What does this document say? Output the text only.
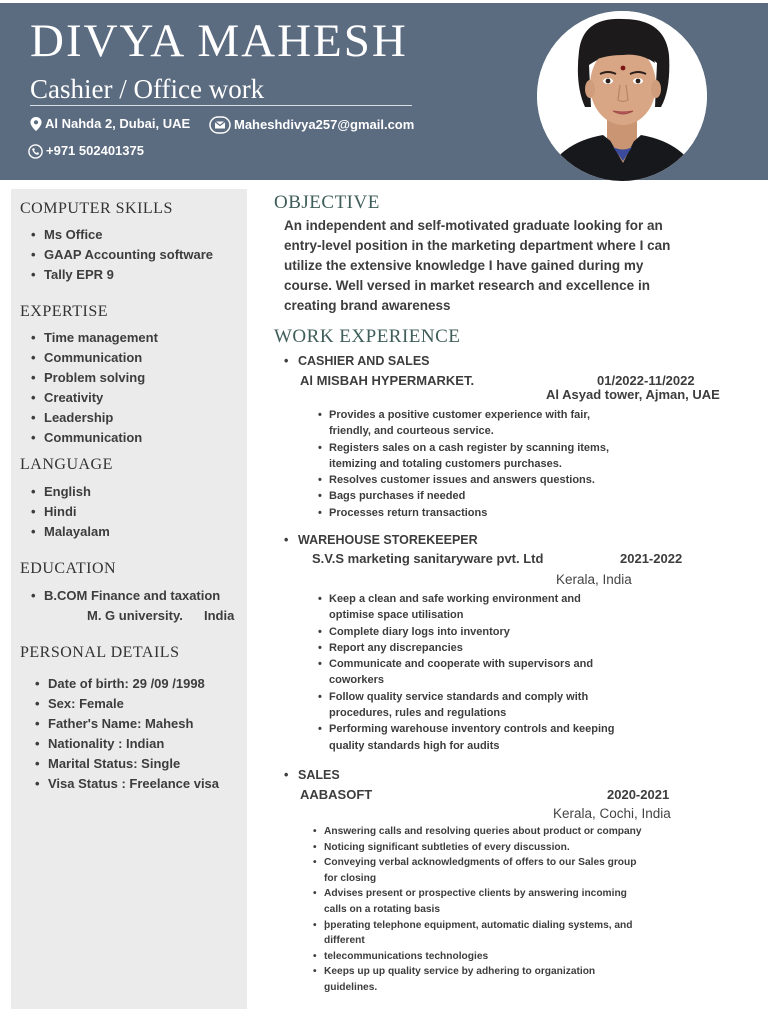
DIVYA MAHESH
Cashier / Office work
Al Nahda 2, Dubai, UAE	Maheshdivya257@gmail.com
+971 502401375
COMPUTER SKILLS
• Ms Office
• GAAP Accounting software
• Tally EPR 9
EXPERTISE
• Time management
• Communication
• Problem solving
• Creativity
• Leadership
• Communication
LANGUAGE
• English
• Hindi
• Malayalam
EDUCATION
• B.COM Finance and taxation
M. G university. India
PERSONAL DETAILS
• Date of birth: 29 /09 /1998
• Sex: Female
• Father's Name: Mahesh
• Nationality : Indian
• Marital Status: Single
• Visa Status : Freelance visa
OBJECTIVE
An independent and self-motivated graduate looking for an entry-level position in the marketing department where I can utilize the extensive knowledge I have gained during my course. Well versed in market research and excellence in creating brand awareness
WORK EXPERIENCE
• CASHIER AND SALES
Al MISBAH HYPERMARKET.	01/2022-11/2022
Al Asyad tower, Ajman, UAE
• Provides a positive customer experience with fair, friendly, and courteous service.
• Registers sales on a cash register by scanning items, itemizing and totaling customers purchases.
• Resolves customer issues and answers questions.
• Bags purchases if needed
• Processes return transactions
• WAREHOUSE STOREKEEPER
S.V.S marketing sanitaryware pvt. Ltd	2021-2022
Kerala, India
• Keep a clean and safe working environment and optimise space utilisation
• Complete diary logs into inventory
• Report any discrepancies
• Communicate and cooperate with supervisors and coworkers
• Follow quality service standards and comply with procedures, rules and regulations
• Performing warehouse inventory controls and keeping quality standards high for audits
• SALES
AABASOFT	2020-2021
Kerala, Cochi, India
• Answering calls and resolving queries about product or company
• Noticing significant subtleties of every discussion.
• Conveying verbal acknowledgments of offers to our Sales group for closing
• Advises present or prospective clients by answering incoming calls on a rotating basis
• þperating telephone equipment, automatic dialing systems, and different
• telecommunications technologies
• Keeps up up quality service by adhering to organization guidelines.
